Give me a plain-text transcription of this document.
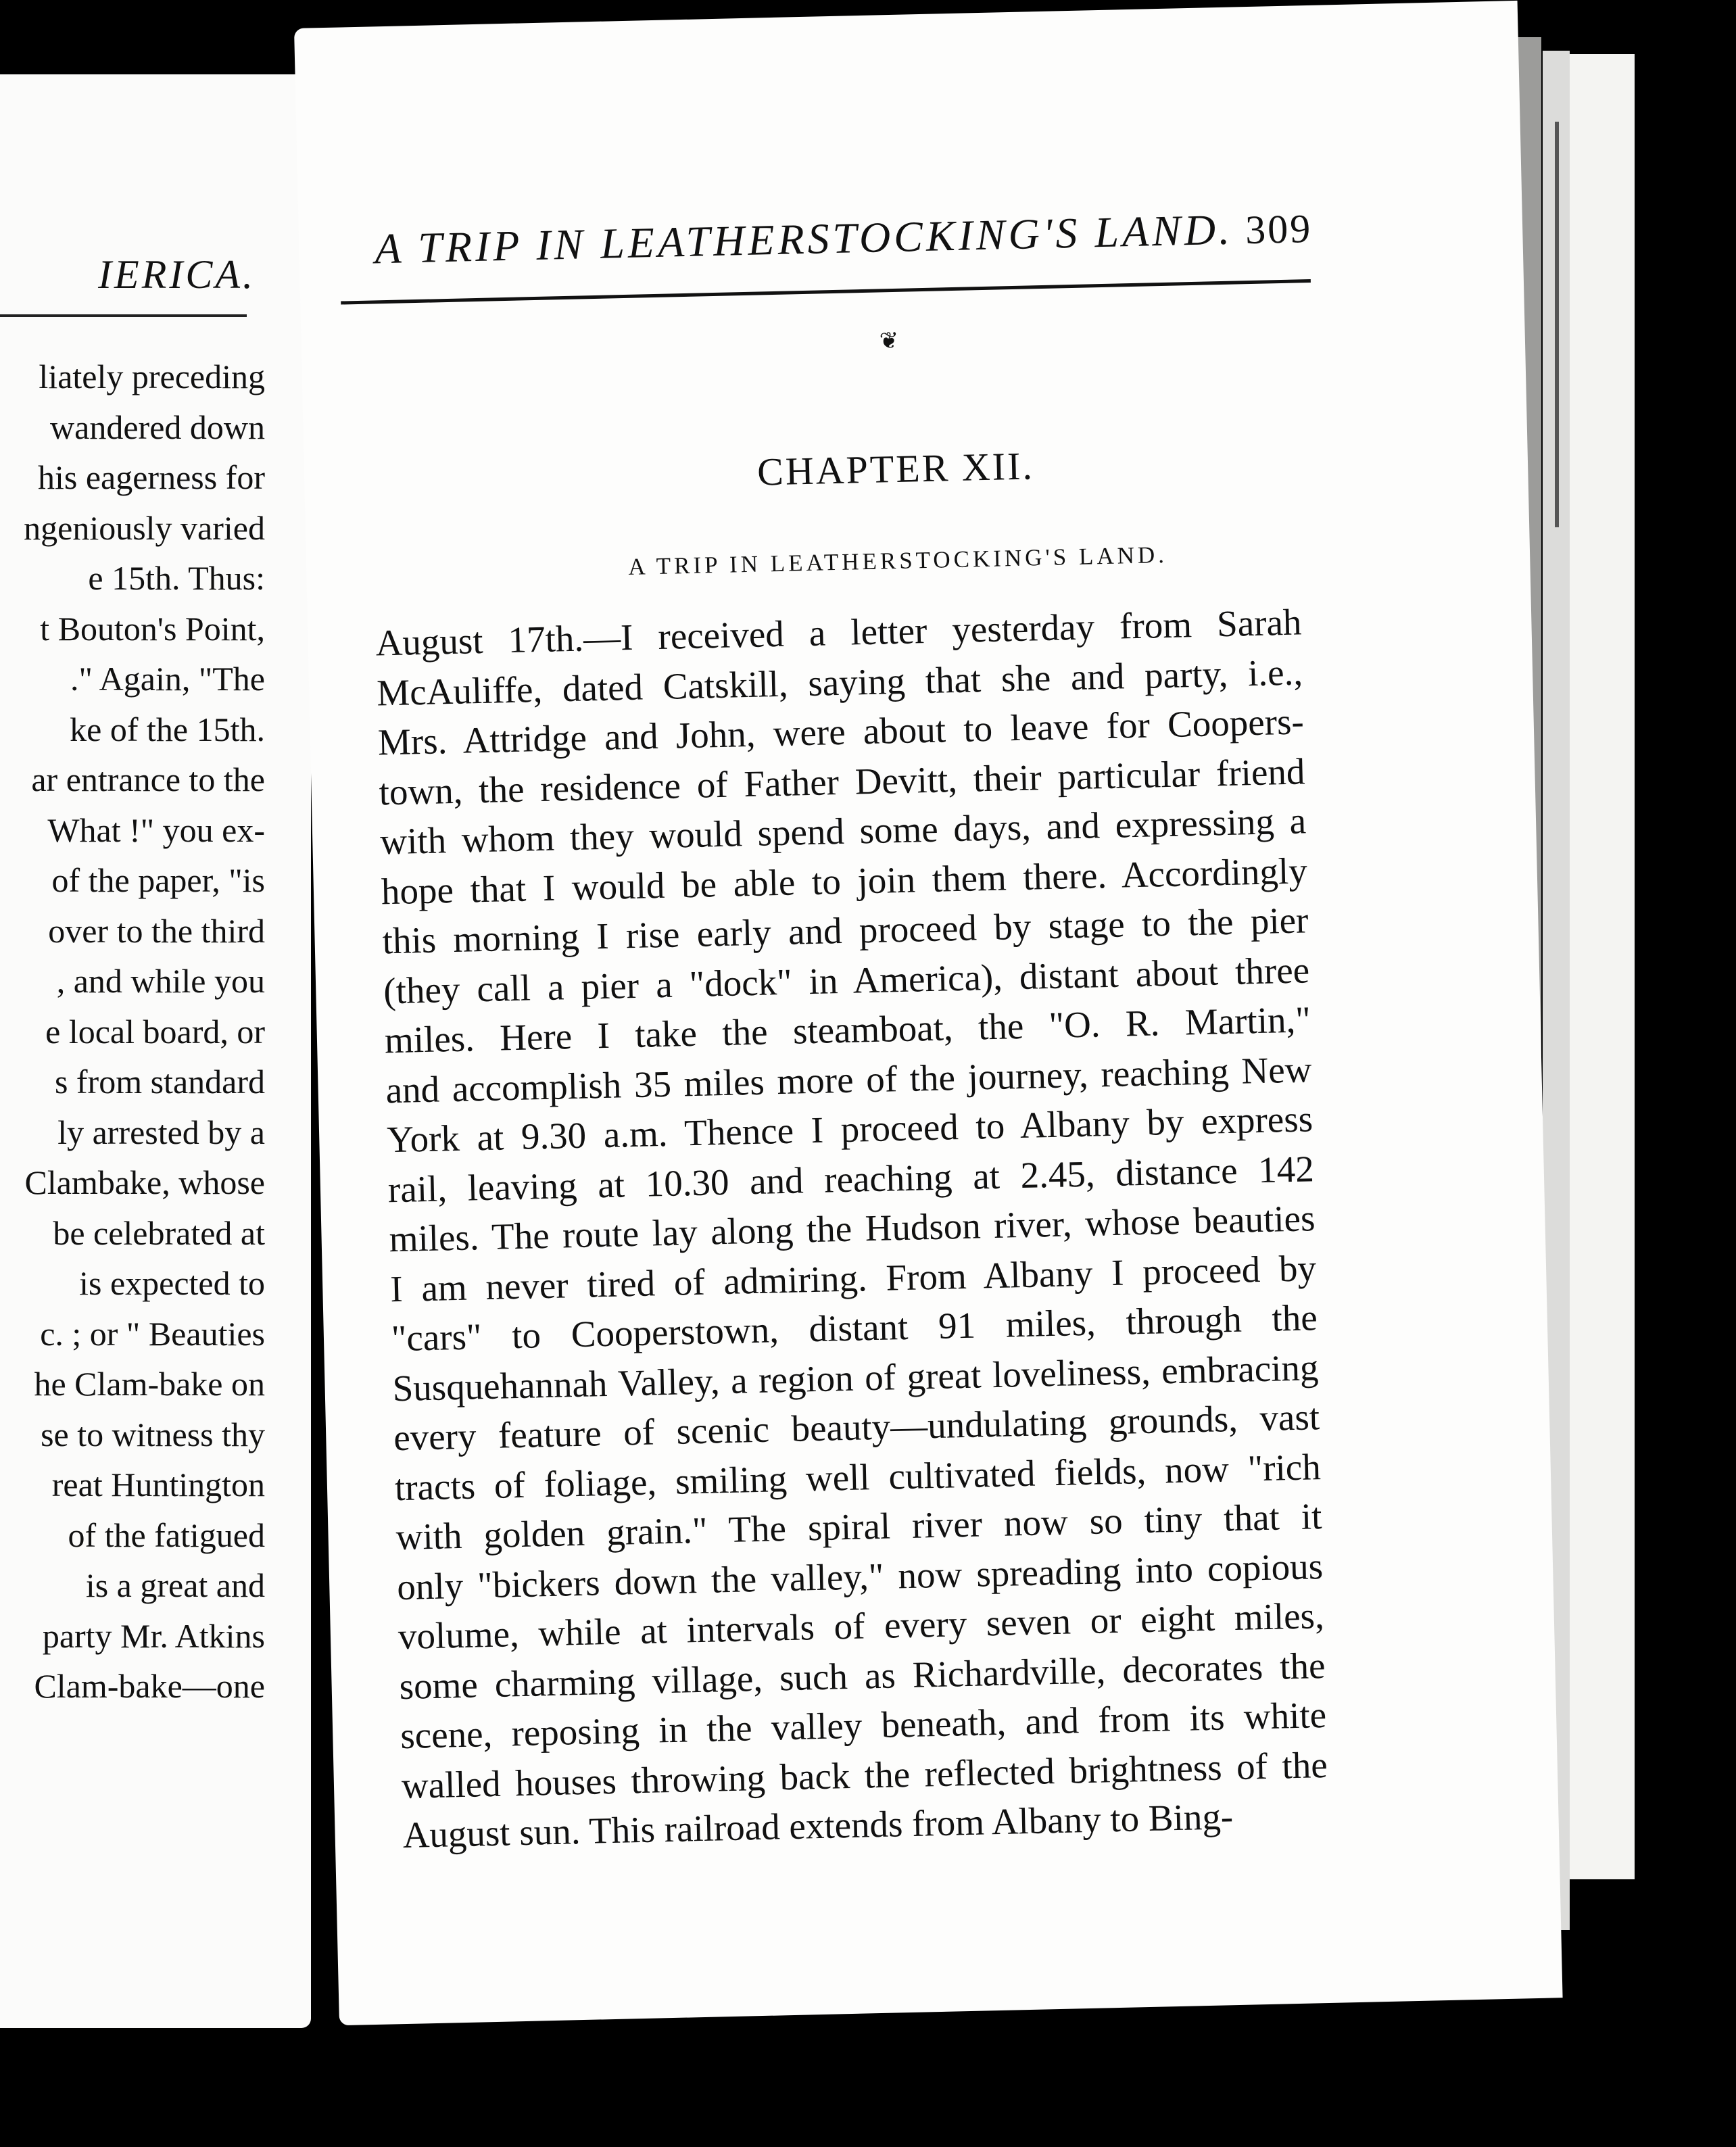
IERICA.
liately preceding
wandered down
his eagerness for
ngeniously varied
e 15th. Thus:
t Bouton's Point,
." Again, "The
ke of the 15th.
ar entrance to the
What !" you ex-
of the paper, "is
over to the third
, and while you
e local board, or
s from standard
ly arrested by a
Clambake, whose
be celebrated at
is expected to
c. ; or " Beauties
he Clam-bake on
se to witness thy
reat Huntington
of the fatigued
is a great and
party Mr. Atkins
Clam-bake—one
A TRIP IN LEATHERSTOCKING'S LAND. 309
❦
CHAPTER XII.
A TRIP IN LEATHERSTOCKING'S LAND.
August 17th.—I received a letter yesterday from Sarah
McAuliffe, dated Catskill, saying that she and party, i.e.,
Mrs. Attridge and John, were about to leave for Coopers-
town, the residence of Father Devitt, their particular friend
with whom they would spend some days, and expressing a
hope that I would be able to join them there. Accordingly
this morning I rise early and proceed by stage to the pier
(they call a pier a "dock" in America), distant about three
miles. Here I take the steamboat, the "O. R. Martin,"
and accomplish 35 miles more of the journey, reaching New
York at 9.30 a.m. Thence I proceed to Albany by express
rail, leaving at 10.30 and reaching at 2.45, distance 142
miles. The route lay along the Hudson river, whose beauties
I am never tired of admiring. From Albany I proceed by
"cars" to Cooperstown, distant 91 miles, through the
Susquehannah Valley, a region of great loveliness, embracing
every feature of scenic beauty—undulating grounds, vast
tracts of foliage, smiling well cultivated fields, now "rich
with golden grain." The spiral river now so tiny that it
only "bickers down the valley," now spreading into copious
volume, while at intervals of every seven or eight miles,
some charming village, such as Richardville, decorates the
scene, reposing in the valley beneath, and from its white
walled houses throwing back the reflected brightness of the
August sun. This railroad extends from Albany to Bing-
